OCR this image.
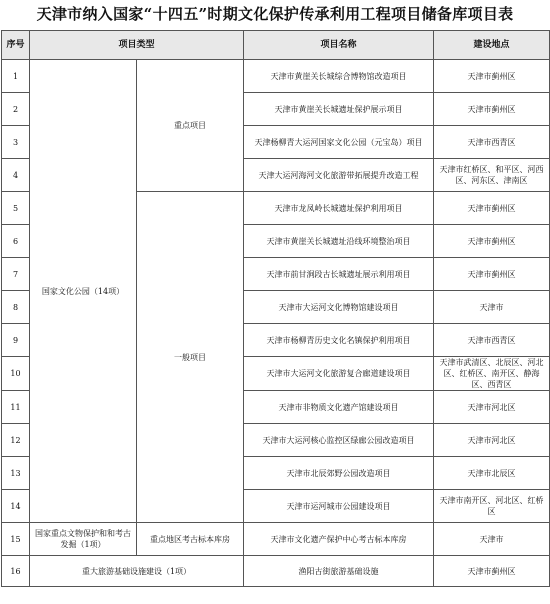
天津市纳入国家“十四五”时期文化保护传承利用工程项目储备库项目表
序号	项目类型		项目名称	建设地点
1	国家文化公园（14项）	重点项目	天津市黄崖关长城综合博物馆改造项目	天津市蓟州区
2			天津市黄崖关长城遗址保护展示项目	天津市蓟州区
3			天津杨柳青大运河国家文化公园（元宝岛）项目	天津市西青区
4			天津大运河海河文化旅游带拓展提升改造工程	天津市红桥区、和平区、河西区、河东区、津南区
5		一般项目	天津市龙凤岭长城遗址保护利用项目	天津市蓟州区
6			天津市黄崖关长城遗址沿线环境整治项目	天津市蓟州区
7			天津市前甘涧段古长城遗址展示利用项目	天津市蓟州区
8			天津市大运河文化博物馆建设项目	天津市
9			天津市杨柳青历史文化名镇保护利用项目	天津市西青区
10			天津市大运河文化旅游复合廊道建设项目	天津市武清区、北辰区、河北区、红桥区、南开区、静海区、西青区
11			天津市非物质文化遗产馆建设项目	天津市河北区
12			天津市大运河核心监控区绿廊公园改造项目	天津市河北区
13			天津市北辰郊野公园改造项目	天津市北辰区
14			天津市运河城市公园建设项目	天津市南开区、河北区、红桥区
15	国家重点文物保护和和考古发掘（1项）	重点地区考古标本库房	天津市文化遗产保护中心考古标本库房	天津市
16	重大旅游基础设施建设（1项）		渔阳古街旅游基础设施	天津市蓟州区
